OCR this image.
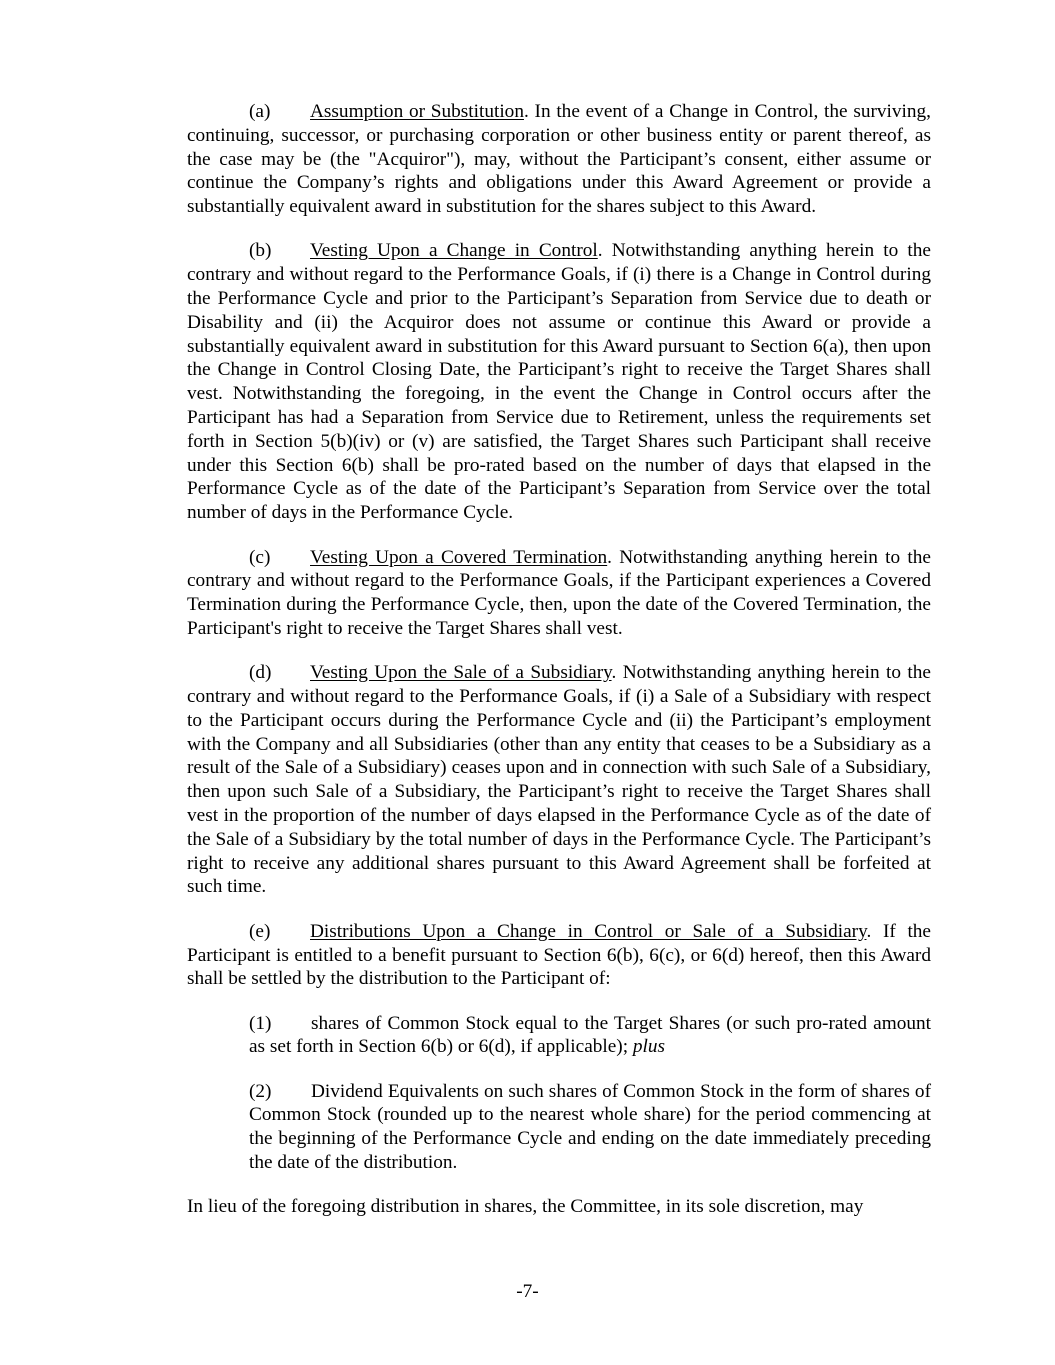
(a) Assumption or Substitution. In the event of a Change in Control, the surviving, continuing, successor, or purchasing corporation or other business entity or parent thereof, as the case may be (the "Acquiror"), may, without the Participant’s consent, either assume or continue the Company’s rights and obligations under this Award Agreement or provide a substantially equivalent award in substitution for the shares subject to this Award.

(b) Vesting Upon a Change in Control. Notwithstanding anything herein to the contrary and without regard to the Performance Goals, if (i) there is a Change in Control during the Performance Cycle and prior to the Participant’s Separation from Service due to death or Disability and (ii) the Acquiror does not assume or continue this Award or provide a substantially equivalent award in substitution for this Award pursuant to Section 6(a), then upon the Change in Control Closing Date, the Participant’s right to receive the Target Shares shall vest. Notwithstanding the foregoing, in the event the Change in Control occurs after the Participant has had a Separation from Service due to Retirement, unless the requirements set forth in Section 5(b)(iv) or (v) are satisfied, the Target Shares such Participant shall receive under this Section 6(b) shall be pro-rated based on the number of days that elapsed in the Performance Cycle as of the date of the Participant’s Separation from Service over the total number of days in the Performance Cycle.

(c) Vesting Upon a Covered Termination. Notwithstanding anything herein to the contrary and without regard to the Performance Goals, if the Participant experiences a Covered Termination during the Performance Cycle, then, upon the date of the Covered Termination, the Participant's right to receive the Target Shares shall vest.

(d) Vesting Upon the Sale of a Subsidiary. Notwithstanding anything herein to the contrary and without regard to the Performance Goals, if (i) a Sale of a Subsidiary with respect to the Participant occurs during the Performance Cycle and (ii) the Participant’s employment with the Company and all Subsidiaries (other than any entity that ceases to be a Subsidiary as a result of the Sale of a Subsidiary) ceases upon and in connection with such Sale of a Subsidiary, then upon such Sale of a Subsidiary, the Participant’s right to receive the Target Shares shall vest in the proportion of the number of days elapsed in the Performance Cycle as of the date of the Sale of a Subsidiary by the total number of days in the Performance Cycle. The Participant’s right to receive any additional shares pursuant to this Award Agreement shall be forfeited at such time.

(e) Distributions Upon a Change in Control or Sale of a Subsidiary. If the Participant is entitled to a benefit pursuant to Section 6(b), 6(c), or 6(d) hereof, then this Award shall be settled by the distribution to the Participant of:

(1) shares of Common Stock equal to the Target Shares (or such pro-rated amount as set forth in Section 6(b) or 6(d), if applicable); plus

(2) Dividend Equivalents on such shares of Common Stock in the form of shares of Common Stock (rounded up to the nearest whole share) for the period commencing at the beginning of the Performance Cycle and ending on the date immediately preceding the date of the distribution.

In lieu of the foregoing distribution in shares, the Committee, in its sole discretion, may

-7-
